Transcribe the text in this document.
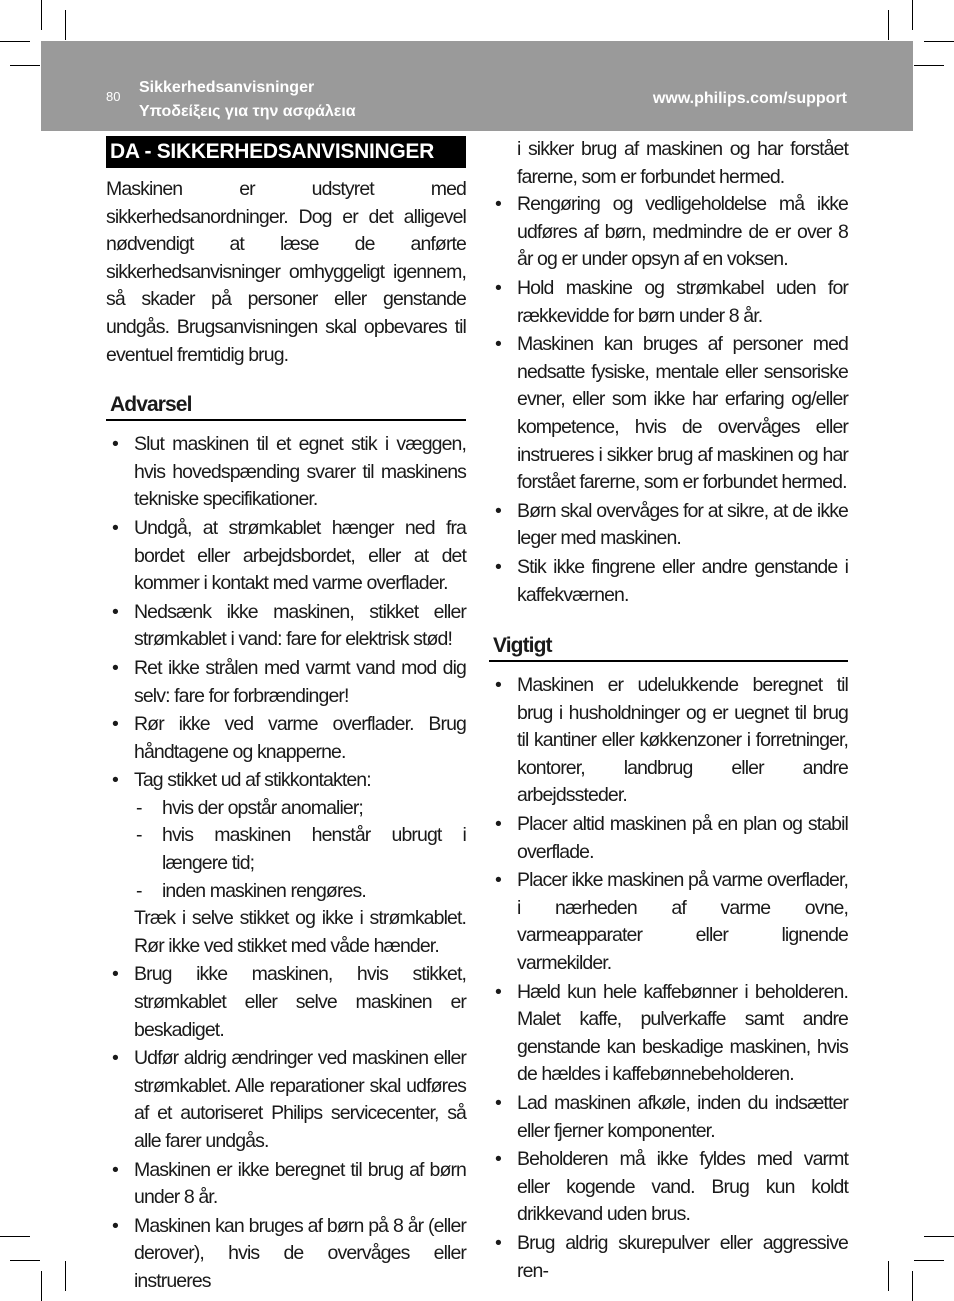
80
Sikkerhedsanvisninger
Υποδείξεις για την ασφάλεια
www.philips.com/support
DA - SIKKERHEDSANVISNINGER

Maskinen er udstyret med sikkerhedsanordninger. Dog er det alligevel nødvendigt at læse de anførte sikkerhedsanvisninger omhyggeligt igennem, så skader på personer eller genstande undgås. Brugsanvisningen skal opbevares til eventuel fremtidig brug.

Advarsel
• Slut maskinen til et egnet stik i væggen, hvis hovedspænding svarer til maskinens tekniske specifikationer.
• Undgå, at strømkablet hænger ned fra bordet eller arbejdsbordet, eller at det kommer i kontakt med varme overflader.
• Nedsænk ikke maskinen, stikket eller strømkablet i vand: fare for elektrisk stød!
• Ret ikke strålen med varmt vand mod dig selv: fare for forbrændinger!
• Rør ikke ved varme overflader. Brug håndtagene og knapperne.
• Tag stikket ud af stikkontakten:
- hvis der opstår anomalier;
- hvis maskinen henstår ubrugt i længere tid;
- inden maskinen rengøres.
Træk i selve stikket og ikke i strømkablet. Rør ikke ved stikket med våde hænder.
• Brug ikke maskinen, hvis stikket, strømkablet eller selve maskinen er beskadiget.
• Udfør aldrig ændringer ved maskinen eller strømkablet. Alle reparationer skal udføres af et autoriseret Philips servicecenter, så alle farer undgås.
• Maskinen er ikke beregnet til brug af børn under 8 år.
• Maskinen kan bruges af børn på 8 år (eller derover), hvis de overvåges eller instrueres
i sikker brug af maskinen og har forstået farerne, som er forbundet hermed.
• Rengøring og vedligeholdelse må ikke udføres af børn, medmindre de er over 8 år og er under opsyn af en voksen.
• Hold maskine og strømkabel uden for rækkevidde for børn under 8 år.
• Maskinen kan bruges af personer med nedsatte fysiske, mentale eller sensoriske evner, eller som ikke har erfaring og/eller kompetence, hvis de overvåges eller instrueres i sikker brug af maskinen og har forstået farerne, som er forbundet hermed.
• Børn skal overvåges for at sikre, at de ikke leger med maskinen.
• Stik ikke fingrene eller andre genstande i kaffekværnen.
Vigtigt
• Maskinen er udelukkende beregnet til brug i husholdninger og er uegnet til brug til kantiner eller køkkenzoner i forretninger, kontorer, landbrug eller andre arbejdssteder.
• Placer altid maskinen på en plan og stabil overflade.
• Placer ikke maskinen på varme overflader, i nærheden af varme ovne, varmeapparater eller lignende varmekilder.
• Hæld kun hele kaffebønner i beholderen. Malet kaffe, pulverkaffe samt andre genstande kan beskadige maskinen, hvis de hældes i kaffebønnebeholderen.
• Lad maskinen afkøle, inden du indsætter eller fjerner komponenter.
• Beholderen må ikke fyldes med varmt eller kogende vand. Brug kun koldt drikkevand uden brus.
• Brug aldrig skurepulver eller aggressive ren-
